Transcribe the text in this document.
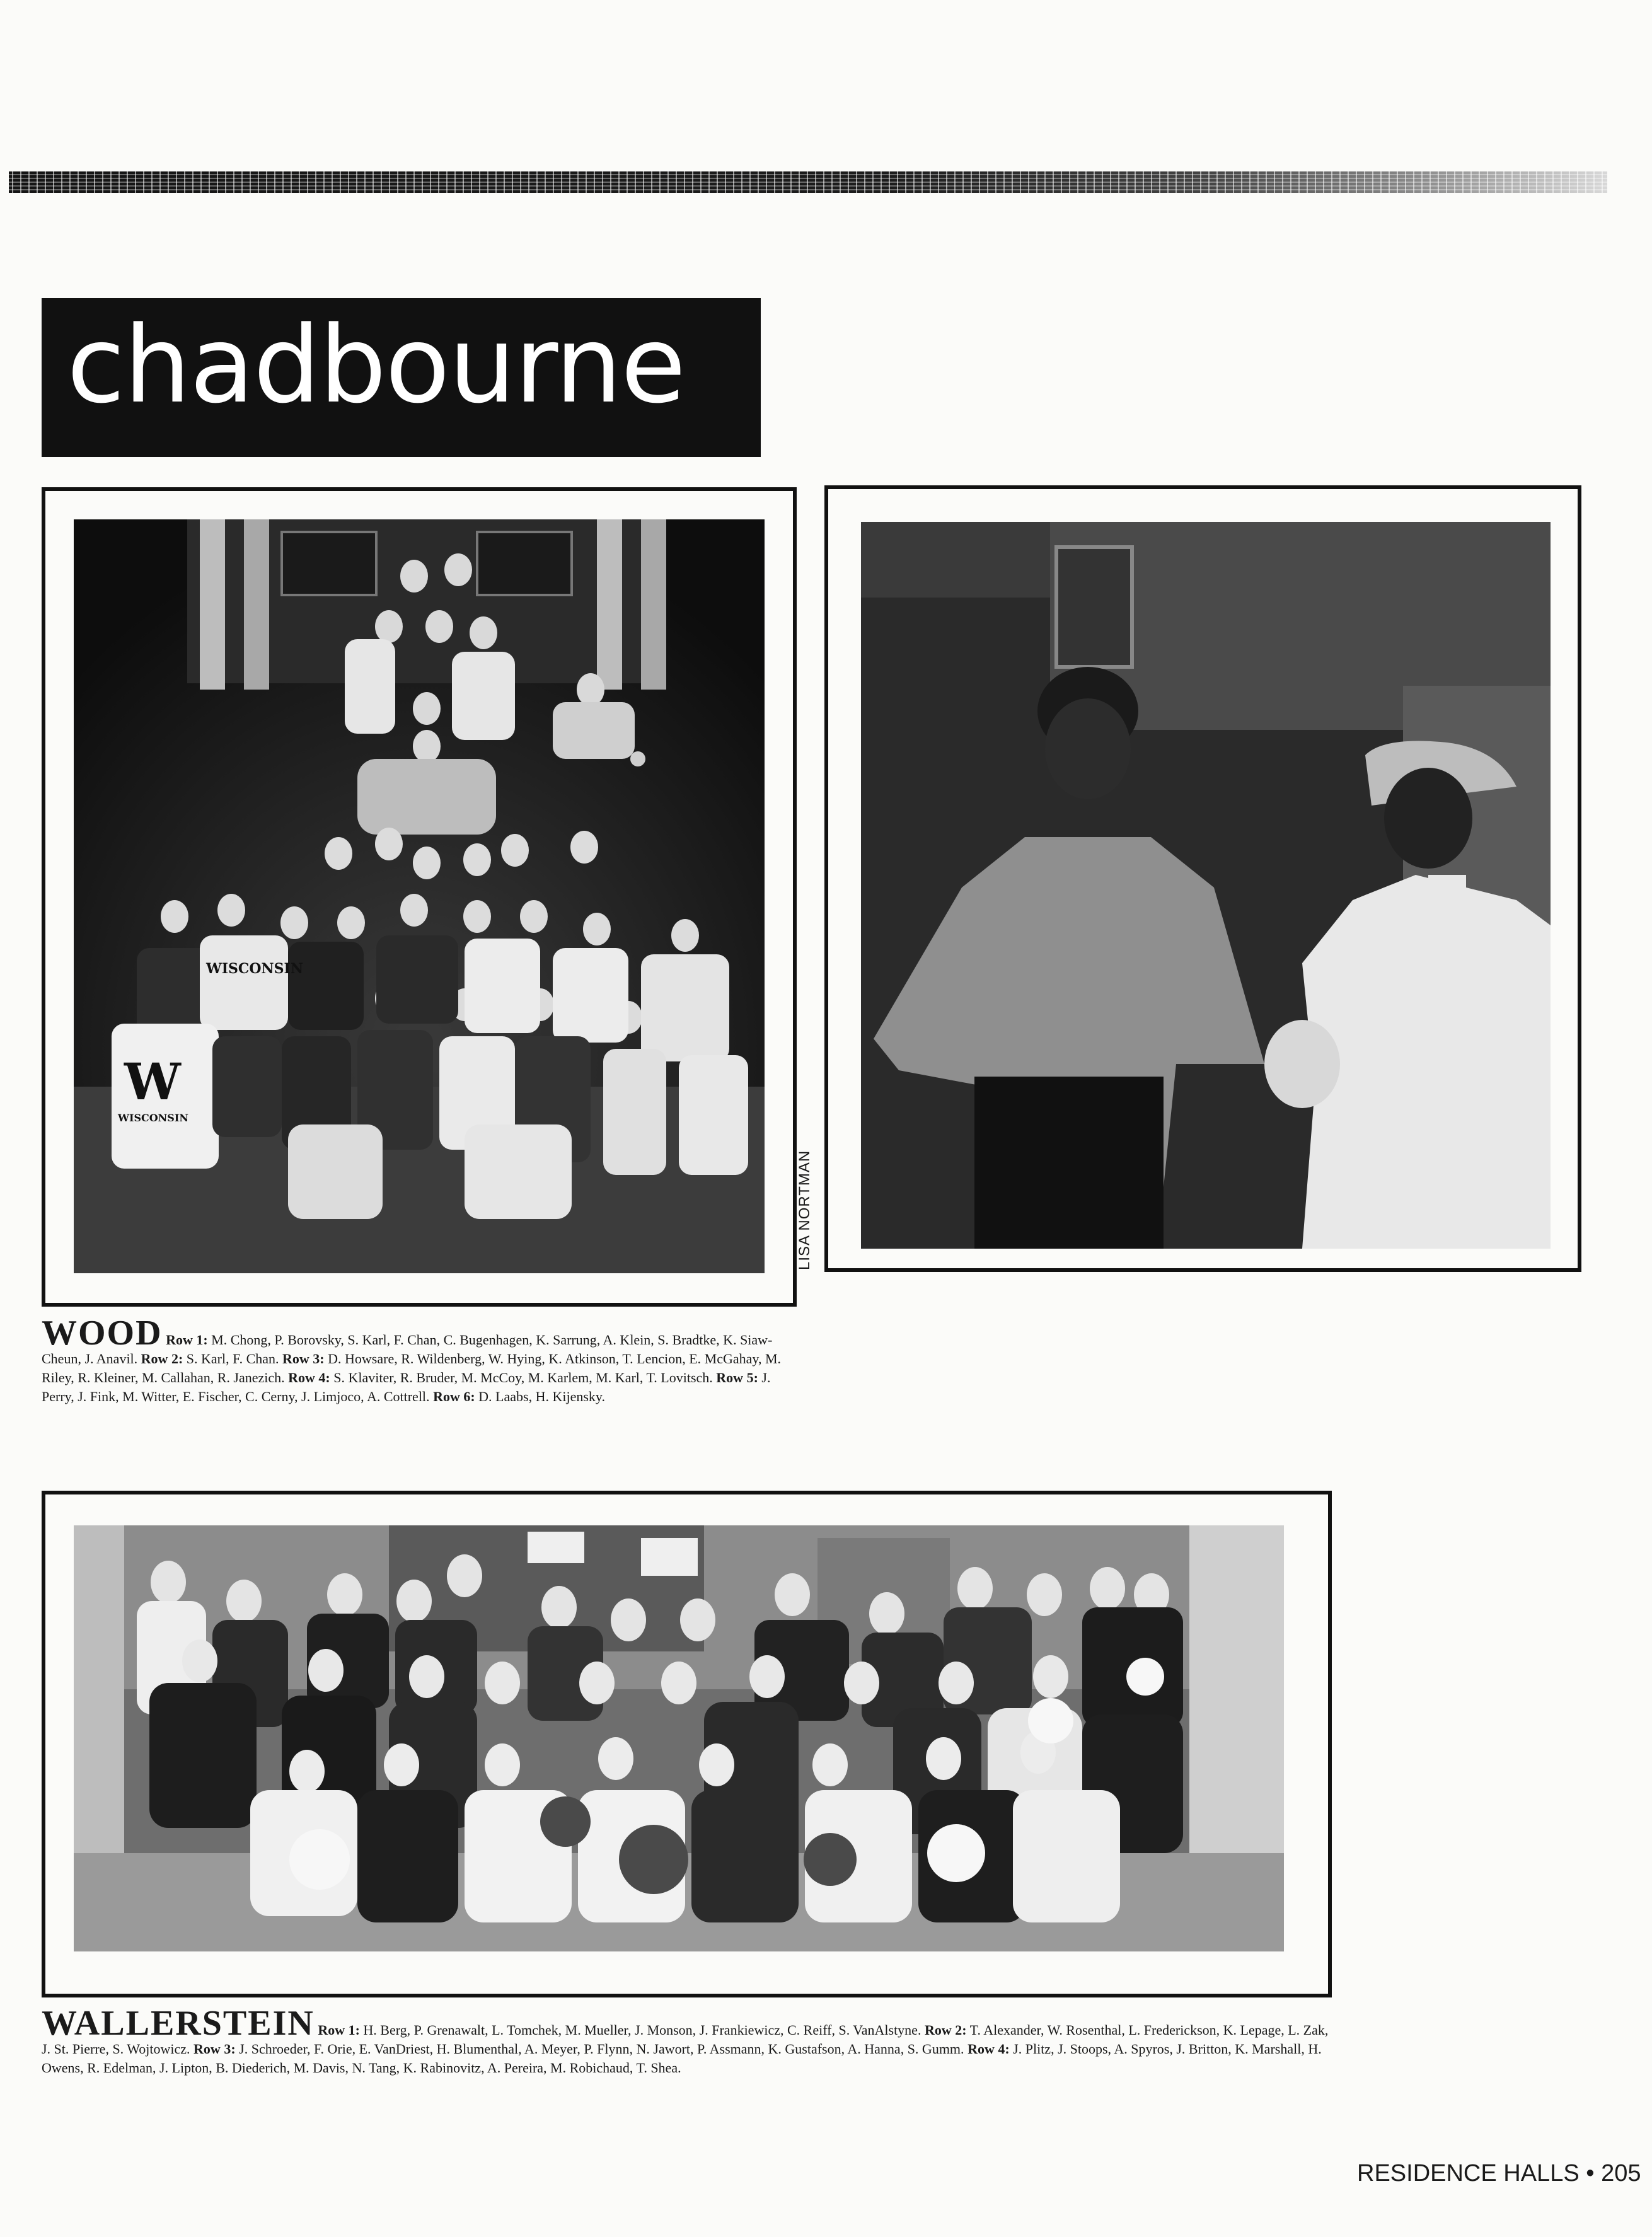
chadbourne
W
WISCONSIN
WISCONSIN
LISA NORTMAN
WOOD Row 1: M. Chong, P. Borovsky, S. Karl, F. Chan, C. Bugenhagen, K. Sarrung, A. Klein, S. Bradtke, K. Siaw-Cheun, J. Anavil. Row 2: S. Karl, F. Chan. Row 3: D. Howsare, R. Wildenberg, W. Hying, K. Atkinson, T. Lencion, E. McGahay, M. Riley, R. Kleiner, M. Callahan, R. Janezich. Row 4: S. Klaviter, R. Bruder, M. McCoy, M. Karlem, M. Karl, T. Lovitsch. Row 5: J. Perry, J. Fink, M. Witter, E. Fischer, C. Cerny, J. Limjoco, A. Cottrell. Row 6: D. Laabs, H. Kijensky.
WALLERSTEIN Row 1: H. Berg, P. Grenawalt, L. Tomchek, M. Mueller, J. Monson, J. Frankiewicz, C. Reiff, S. VanAlstyne. Row 2: T. Alexander, W. Rosenthal, L. Frederickson, K. Lepage, L. Zak, J. St. Pierre, S. Wojtowicz. Row 3: J. Schroeder, F. Orie, E. VanDriest, H. Blumenthal, A. Meyer, P. Flynn, N. Jawort, P. Assmann, K. Gustafson, A. Hanna, S. Gumm. Row 4: J. Plitz, J. Stoops, A. Spyros, J. Britton, K. Marshall, H. Owens, R. Edelman, J. Lipton, B. Diederich, M. Davis, N. Tang, K. Rabinovitz, A. Pereira, M. Robichaud, T. Shea.
RESIDENCE HALLS • 205
